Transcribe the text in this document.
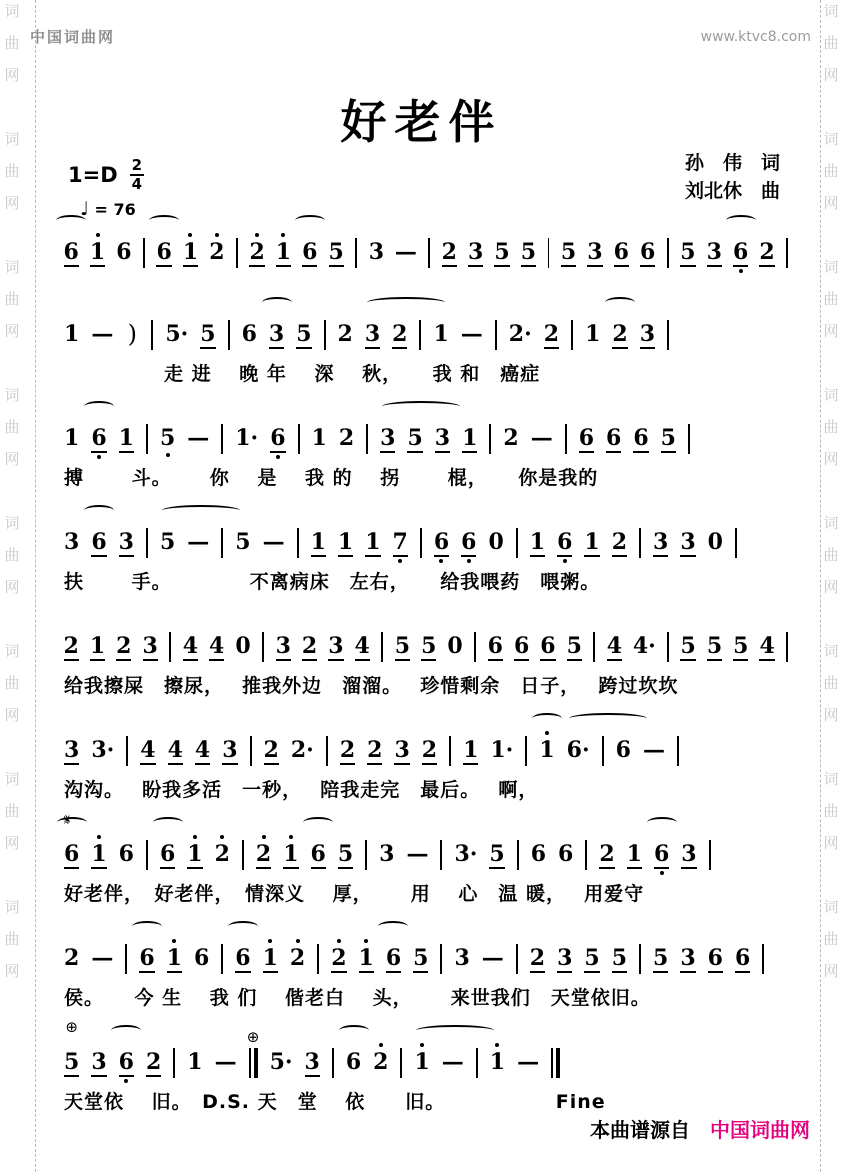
词
曲
网
词
曲
网
词
曲
网
词
曲
网
词
曲
网
词
曲
网
词
曲
网
词
曲
网
词
曲
网
词
曲
网
词
曲
网
词
曲
网
词
曲
网
词
曲
网
词
曲
网
词
曲
网
中国词曲网	www.ktvc8.com
好老伴
孙　伟　词
刘北休　曲
$1=D \frac{2}{4}$
♩ = 76
6 1 6 6 1 2 2 1 6 5 3 — 2 3 5 5 5 3 6 6 5 3 6 2
1 — ) 5· 5 6 3 5 2 3 2 1 — 2· 2 1 2 3
　　　　　走 进　 晚 年　 深　 秋，　　我 和　癌症
1 6 1 5 — 1· 6 1 2 3 5 3 1 2 — 6 6 6 5
搏　　 斗。　　 你　 是　 我 的　 拐　　 棍，　　你是我的
3 6 3 5 — 5 — 1 1 1 7 6 6 0 1 6 1 2 3 3 0
扶　　 手。　　　　 不离病床　左右，　　给我喂药　喂粥。
2 1 2 3 4 4 0 3 2 3 4 5 5 0 6 6 6 5 4 4· 5 5 5 4
给我擦屎　擦尿，　 推我外边　溜溜。　 珍惜剩余　日子，　 跨过坎坎
3 3· 4 4 4 3 2 2· 2 2 3 2 1 1· 1 6· 6 —
沟沟。　 盼我多活　一秒，　 陪我走完　最后。　 啊，
𝄋
6 1 6 6 1 2 2 1 6 5 3 — 3· 5 6 6 2 1 6 3
好老伴，　好老伴，　情深义　 厚，　　 用　 心　温 暖，　 用爱守
2 — 6 1 6 6 1 2 2 1 6 5 3 — 2 3 5 5 5 3 6 6
侯。　　今 生　 我 们　 偕老白　 头，　　 来世我们　天堂依旧。
⊕
5 3 6 2 1 —
⊕
5· 3 6 2 1 — 1 —
天堂依　 旧。　D.S. 天　堂　 依　　旧。　　　　　　Fine
本曲谱源自 中国词曲网
